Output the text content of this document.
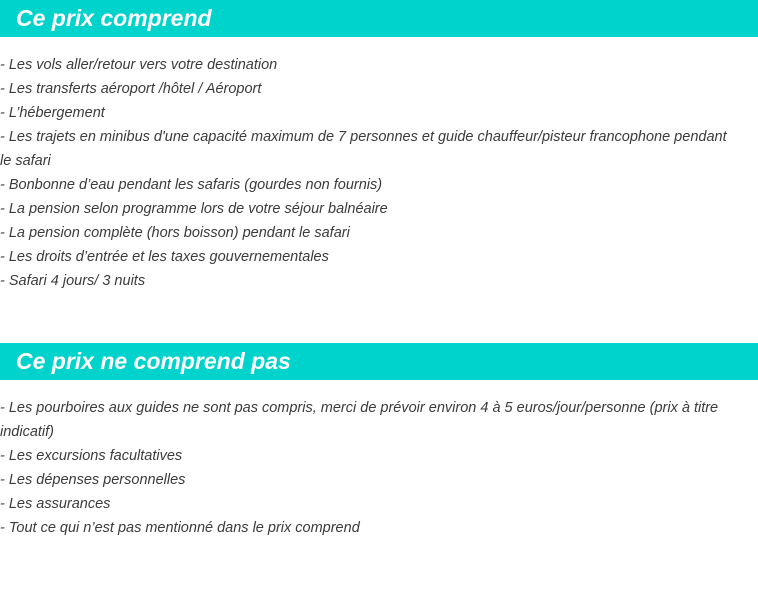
Ce prix comprend
- Les vols aller/retour vers votre destination
- Les transferts aéroport /hôtel / Aéroport
- L’hébergement
- Les trajets en minibus d'une capacité maximum de 7 personnes et guide chauffeur/pisteur francophone pendant le safari
- Bonbonne d’eau pendant les safaris (gourdes non fournis)
- La pension selon programme lors de votre séjour balnéaire
- La pension complète (hors boisson) pendant le safari
- Les droits d’entrée et les taxes gouvernementales
- Safari 4 jours/ 3 nuits
Ce prix ne comprend pas
- Les pourboires aux guides ne sont pas compris, merci de prévoir environ 4 à 5 euros/jour/personne (prix à titre indicatif)
- Les excursions facultatives
- Les dépenses personnelles
- Les assurances
- Tout ce qui n’est pas mentionné dans le prix comprend
